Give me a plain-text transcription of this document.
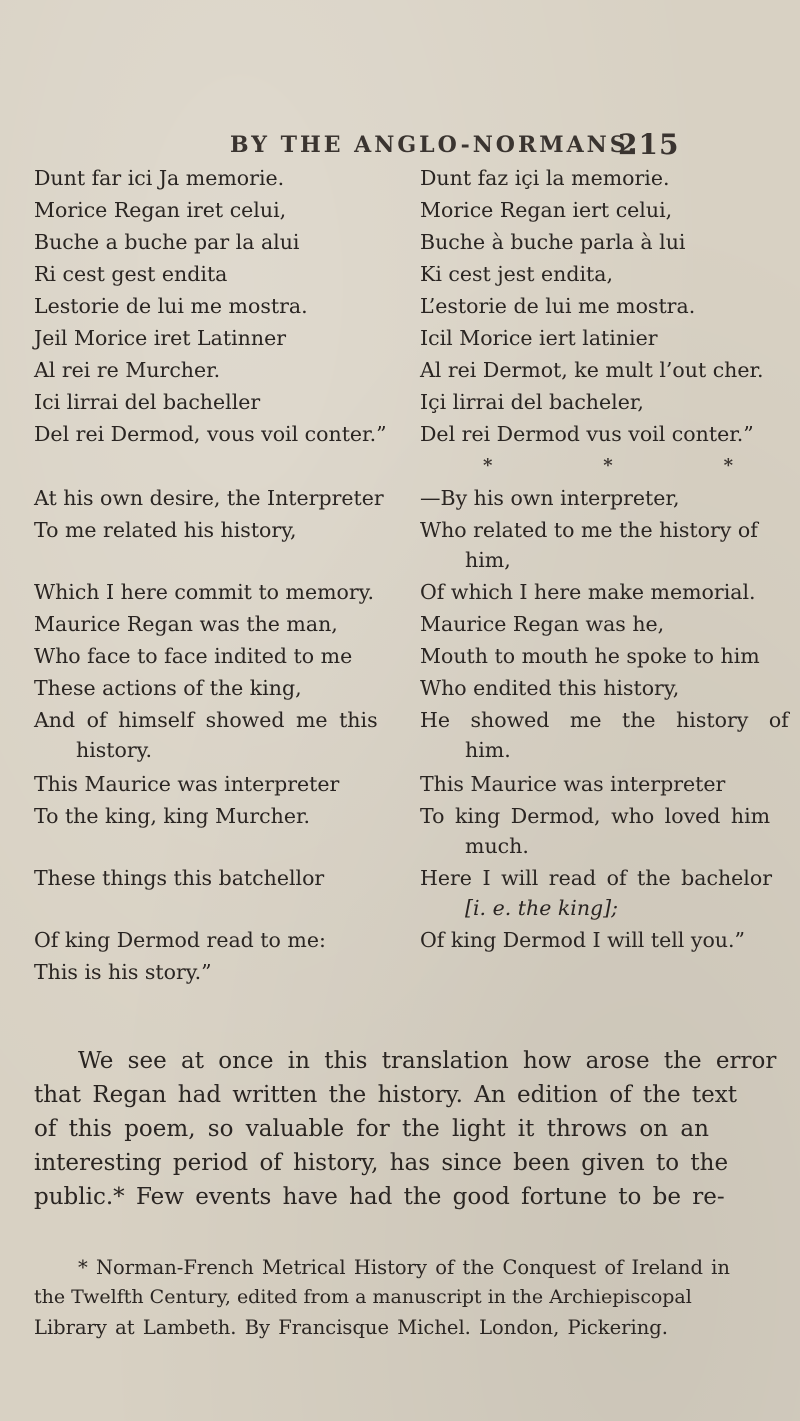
BY THE ANGLO-NORMANS.
215
Dunt far ici Ja memorie.
Morice Regan iret celui,
Buche a buche par la alui
Ri cest gest endita
Lestorie de lui me mostra.
Jeil Morice iret Latinner
Al rei re Murcher.
Ici lirrai del bacheller
Del rei Dermod, vous voil conter.”
Dunt faz içi la memorie.
Morice Regan iert celui,
Buche à buche parla à lui
Ki cest jest endita,
L’estorie de lui me mostra.
Icil Morice iert latinier
Al rei Dermot, ke mult l’out cher.
Içi lirrai del bacheler,
Del rei Dermod vus voil conter.”
*	*	*
At his own desire, the Interpreter
To me related his history,
Which I here commit to memory.
Maurice Regan was the man,
Who face to face indited to me
These actions of the king,
And of himself showed me this
history.
This Maurice was interpreter
To the king, king Murcher.
These things this batchellor
Of king Dermod read to me:
This is his story.”
—By his own interpreter,
Who related to me the history of
him,
Of which I here make memorial.
Maurice Regan was he,
Mouth to mouth he spoke to him
Who endited this history,
He showed me the history of
him.
This Maurice was interpreter
To king Dermod, who loved him
much.
Here I will read of the bachelor
[i. e. the king];
Of king Dermod I will tell you.”
We see at once in this translation how arose the error
that Regan had written the history. An edition of the text
of this poem, so valuable for the light it throws on an
interesting period of history, has since been given to the
public.* Few events have had the good fortune to be re-
* Norman-French Metrical History of the Conquest of Ireland in
the Twelfth Century, edited from a manuscript in the Archiepiscopal
Library at Lambeth. By Francisque Michel. London, Pickering.
